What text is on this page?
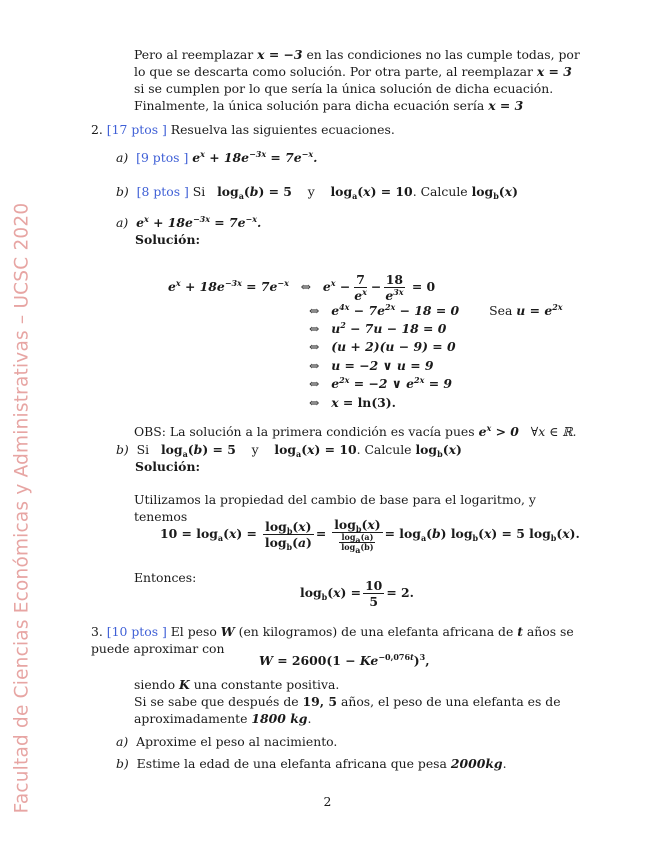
Facultad de Ciencias Económicas y Administrativas – UCSC 2020
Pero al reemplazar x = −3 en las condiciones no las cumple todas, por lo que se descarta como solución. Por otra parte, al reemplazar x = 3 si se cumplen por lo que sería la única solución de dicha ecuación. Finalmente, la única solución para dicha ecuación sería x = 3
2. [17 ptos ] Resuelva las siguientes ecuaciones.
a) [9 ptos ] $e^x + 18e^{-3x} = 7e^{-x}$.
b) [8 ptos ] Si $\log_a(b) = 5$ y $\log_a(x) = 10$. Calcule $\log_b(x)$
a) $e^x + 18e^{-3x} = 7e^{-x}$.
Solución:
$e^x + 18e^{-3x} = 7e^{-x}$   ⇔   $e^x - \frac{7}{e^x} - \frac{18}{e^{3x}} = 0$
⇔   $e^{4x} - 7e^{2x} - 18 = 0$ Sea $u = e^{2x}$
⇔   $u^2 - 7u - 18 = 0$
⇔   (u + 2)(u − 9) = 0
⇔   u = −2 ∨ u = 9
⇔   $e^{2x} = -2$ ∨ $e^{2x} = 9$
⇔   x = ln(3).
OBS: La solución a la primera condición es vacía pues $e^x > 0$ ∀x ∈ ℝ.
b) Si $\log_a(b) = 5$ y $\log_a(x) = 10$. Calcule $\log_b(x)$
Solución:
Utilizamos la propiedad del cambio de base para el logaritmo, y tenemos
$10 = \log_a(x) = \frac{\log_b(x)}{\log_b(a)} = \frac{\log_b(x)}{\frac{\log_a(a)}{\log_a(b)}} = \log_a(b) \log_b(x) = 5$ $\log_b(x)$.
Entonces:
$\log_b(x) = \frac{10}{5} = 2$.
3. [10 ptos ] El peso W (en kilogramos) de una elefanta africana de t años se puede aproximar con
$W = 2600(1 - Ke^{-0,076t})^3$,
siendo K una constante positiva.
Si se sabe que después de 19, 5 años, el peso de una elefanta es de aproximadamente 1800 kg.
a) Aproxime el peso al nacimiento.
b) Estime la edad de una elefanta africana que pesa 2000kg.
2
